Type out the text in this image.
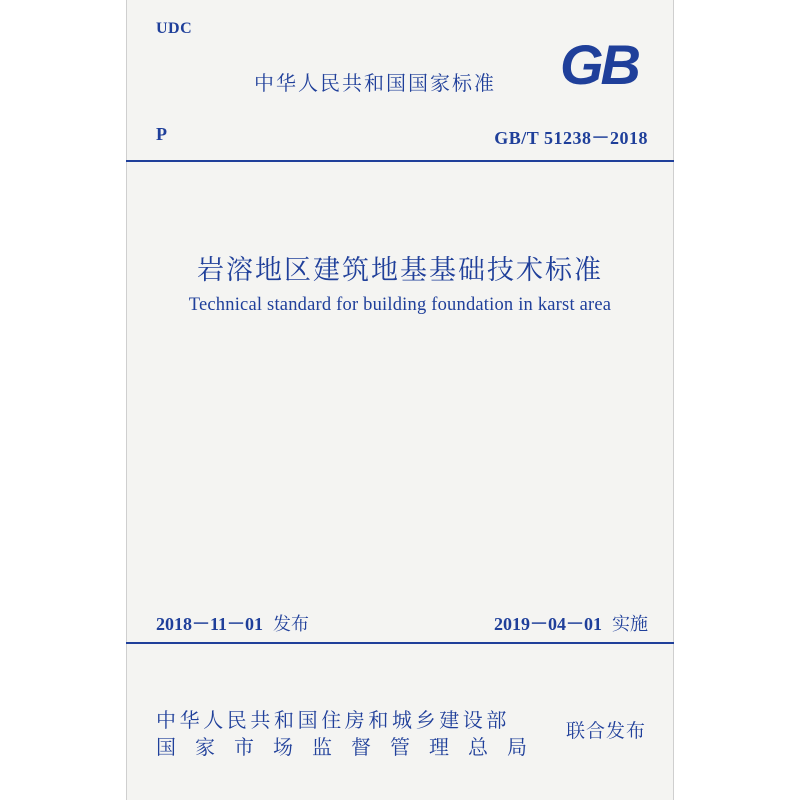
UDC
中华人民共和国国家标准 GB
P	GB/T 51238－2018
岩溶地区建筑地基基础技术标准
Technical standard for building foundation in karst area
2018－11－01 发布	2019－04－01 实施
中华人民共和国住房和城乡建设部
国家市场监督管理总局
联合发布
